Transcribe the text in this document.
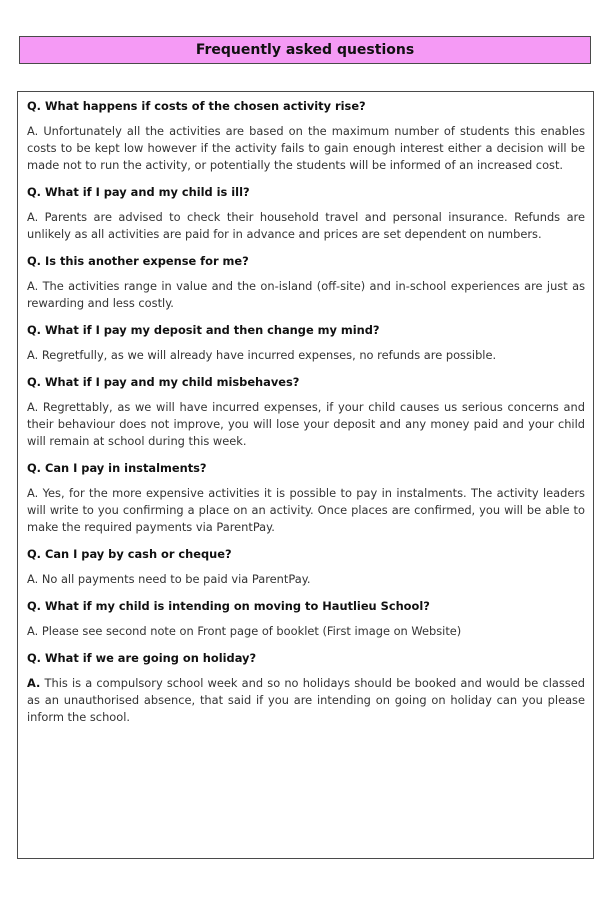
Frequently asked questions

Q. What happens if costs of the chosen activity rise?

A. Unfortunately all the activities are based on the maximum number of students this enables costs to be kept low however if the activity fails to gain enough interest either a decision will be made not to run the activity, or potentially the students will be informed of an increased cost.

Q. What if I pay and my child is ill?

A. Parents are advised to check their household travel and personal insurance. Refunds are unlikely as all activities are paid for in advance and prices are set dependent on numbers.

Q. Is this another expense for me?

A. The activities range in value and the on-island (off-site) and in-school experiences are just as rewarding and less costly.

Q. What if I pay my deposit and then change my mind?

A. Regretfully, as we will already have incurred expenses, no refunds are possible.

Q. What if I pay and my child misbehaves?

A. Regrettably, as we will have incurred expenses, if your child causes us serious concerns and their behaviour does not improve, you will lose your deposit and any money paid and your child will remain at school during this week.

Q. Can I pay in instalments?

A. Yes, for the more expensive activities it is possible to pay in instalments. The activity leaders will write to you confirming a place on an activity. Once places are confirmed, you will be able to make the required payments via ParentPay.

Q. Can I pay by cash or cheque?

A. No all payments need to be paid via ParentPay.

Q. What if my child is intending on moving to Hautlieu School?

A. Please see second note on Front page of booklet (First image on Website)

Q. What if we are going on holiday?

A. This is a compulsory school week and so no holidays should be booked and would be classed as an unauthorised absence, that said if you are intending on going on holiday can you please inform the school.
